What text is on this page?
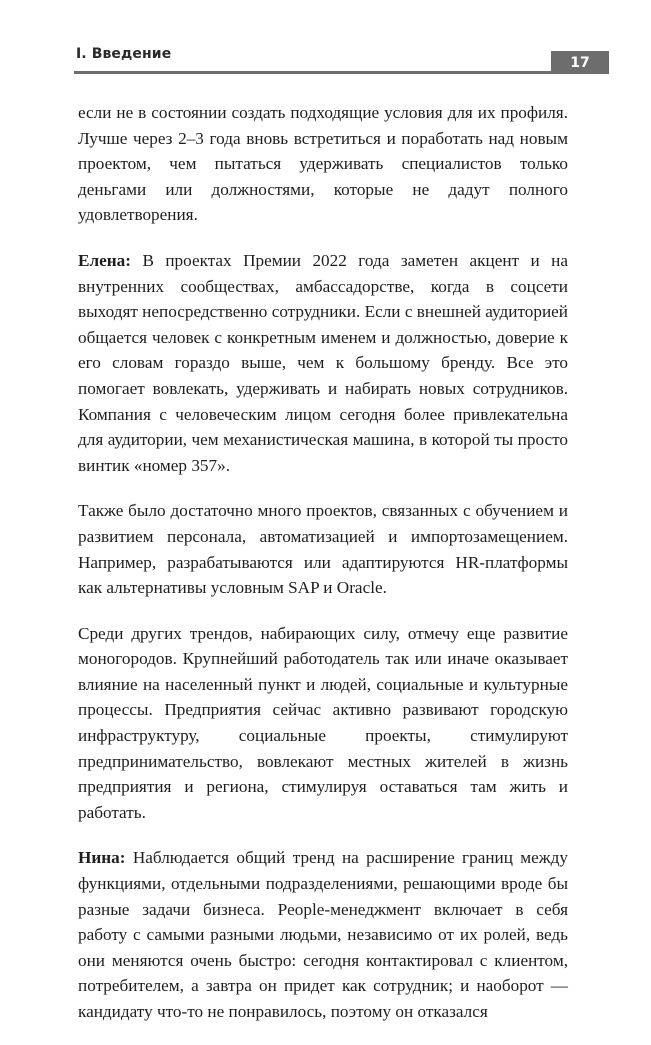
I. Введение
17

если не в состоянии создать подходящие условия для их профиля. Лучше через 2–3 года вновь встретиться и поработать над новым проектом, чем пытаться удерживать специалистов только деньгами или должностями, которые не дадут полного удовлетворения.

Елена: В проектах Премии 2022 года заметен акцент и на внутренних сообществах, амбассадорстве, когда в соцсети выходят непосредственно сотрудники. Если с внешней аудиторией общается человек с конкретным именем и должностью, доверие к его словам гораздо выше, чем к большому бренду. Все это помогает вовлекать, удерживать и набирать новых сотрудников. Компания с человеческим лицом сегодня более привлекательна для аудитории, чем механистическая машина, в которой ты просто винтик «номер 357».

Также было достаточно много проектов, связанных с обучением и развитием персонала, автоматизацией и импортозамещением. Например, разрабатываются или адаптируются HR-платформы как альтернативы условным SAP и Oracle.

Среди других трендов, набирающих силу, отмечу еще развитие моногородов. Крупнейший работодатель так или иначе оказывает влияние на населенный пункт и людей, социальные и культурные процессы. Предприятия сейчас активно развивают городскую инфраструктуру, социальные проекты, стимулируют предпринимательство, вовлекают местных жителей в жизнь предприятия и региона, стимулируя оставаться там жить и работать.

Нина: Наблюдается общий тренд на расширение границ между функциями, отдельными подразделениями, решающими вроде бы разные задачи бизнеса. People-менеджмент включает в себя работу с самыми разными людьми, независимо от их ролей, ведь они меняются очень быстро: сегодня контактировал с клиентом, потребителем, а завтра он придет как сотрудник; и наоборот — кандидату что-то не понравилось, поэтому он отказался
